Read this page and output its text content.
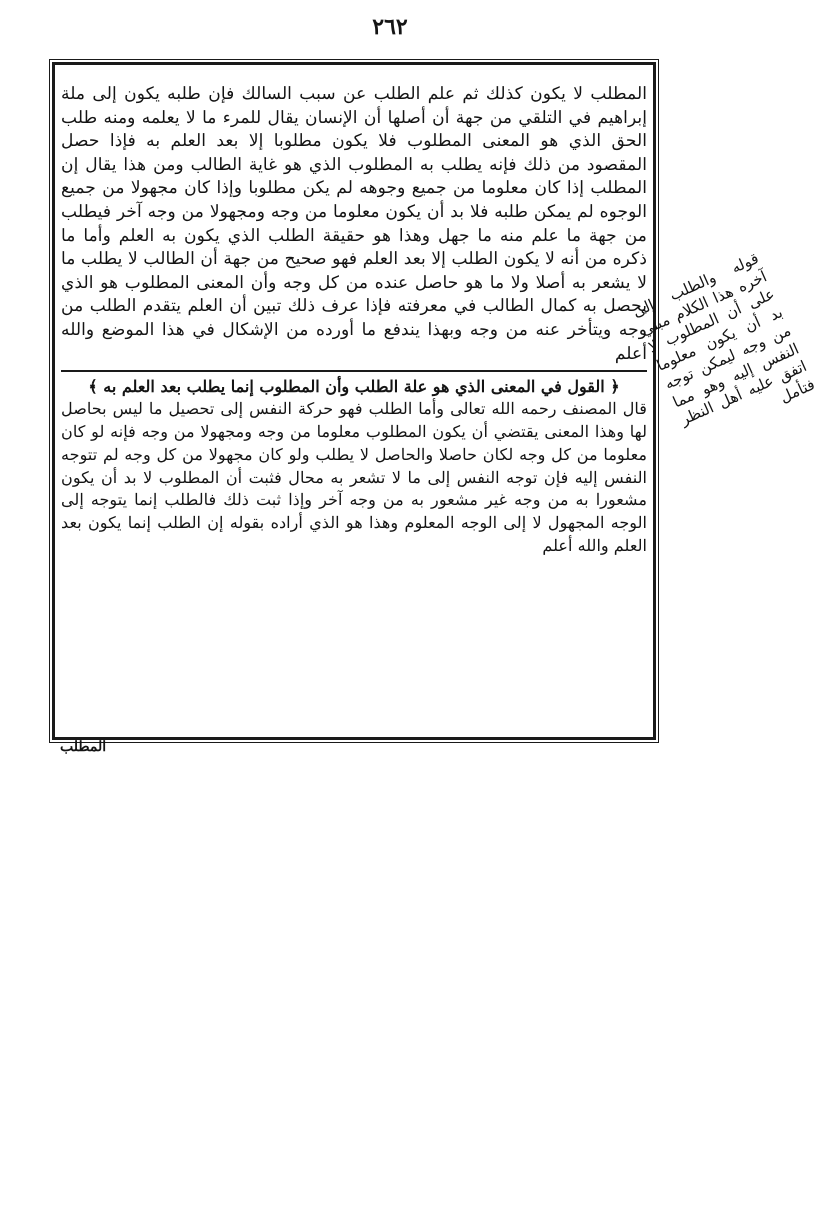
٢٦٢

المطلب لا يكون كذلك ثم علم الطلب عن سبب السالك فإن طلبه يكون إلى ملة إبراهيم في التلقي من جهة أن أصلها أن الإنسان يقال للمرء ما لا يعلمه ومنه طلب الحق الذي هو المعنى المطلوب فلا يكون مطلوبا إلا بعد العلم به فإذا حصل المقصود من ذلك فإنه يطلب به المطلوب الذي هو غاية الطالب ومن هذا يقال إن المطلب إذا كان معلوما من جميع وجوهه لم يكن مطلوبا وإذا كان مجهولا من جميع الوجوه لم يمكن طلبه فلا بد أن يكون معلوما من وجه ومجهولا من وجه آخر فيطلب من جهة ما علم منه ما جهل وهذا هو حقيقة الطلب الذي يكون به العلم وأما ما ذكره من أنه لا يكون الطلب إلا بعد العلم فهو صحيح من جهة أن الطالب لا يطلب ما لا يشعر به أصلا ولا ما هو حاصل عنده من كل وجه وأن المعنى المطلوب هو الذي يحصل به كمال الطالب في معرفته فإذا عرف ذلك تبين أن العلم يتقدم الطلب من وجه ويتأخر عنه من وجه وبهذا يندفع ما أورده من الإشكال في هذا الموضع والله أعلم

﴿ القول في المعنى الذي هو علة الطلب وأن المطلوب إنما يطلب بعد العلم به ﴾

قال المصنف رحمه الله تعالى وأما الطلب فهو حركة النفس إلى تحصيل ما ليس بحاصل لها وهذا المعنى يقتضي أن يكون المطلوب معلوما من وجه ومجهولا من وجه فإنه لو كان معلوما من كل وجه لكان حاصلا والحاصل لا يطلب ولو كان مجهولا من كل وجه لم تتوجه النفس إليه فإن توجه النفس إلى ما لا تشعر به محال فثبت أن المطلوب لا بد أن يكون مشعورا به من وجه غير مشعور به من وجه آخر وإذا ثبت ذلك فالطلب إنما يتوجه إلى الوجه المجهول لا إلى الوجه المعلوم وهذا هو الذي أراده بقوله إن الطلب إنما يكون بعد العلم والله أعلم

قوله والطلب إلى آخره هذا الكلام مبني على أن المطلوب لا بد أن يكون معلوما من وجه ليمكن توجه النفس إليه وهو مما اتفق عليه أهل النظر فتأمل

المطلب
